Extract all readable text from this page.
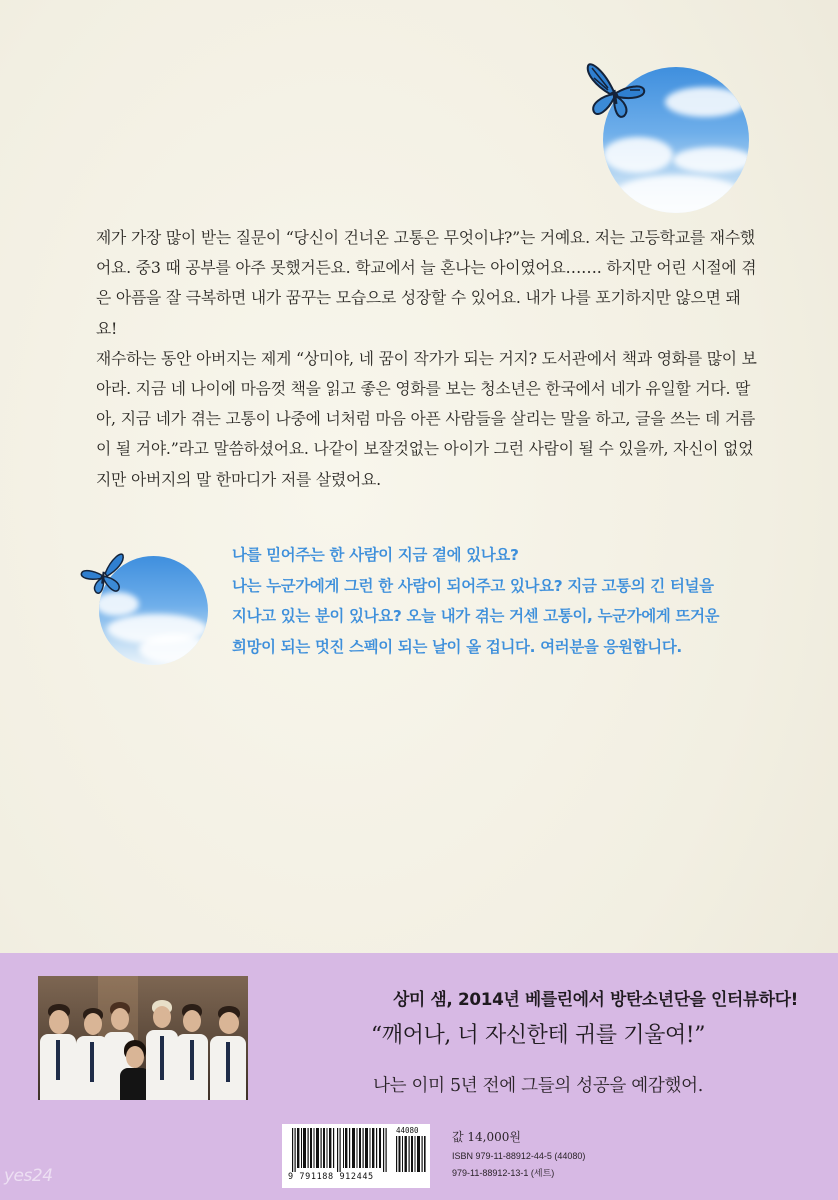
제가 가장 많이 받는 질문이 “당신이 건너온 고통은 무엇이냐?”는 거예요. 저는 고등학교를 재수했어요. 중3 때 공부를 아주 못했거든요. 학교에서 늘 혼나는 아이였어요……. 하지만 어린 시절에 겪은 아픔을 잘 극복하면 내가 꿈꾸는 모습으로 성장할 수 있어요. 내가 나를 포기하지만 않으면 돼요!

재수하는 동안 아버지는 제게 “상미야, 네 꿈이 작가가 되는 거지? 도서관에서 책과 영화를 많이 보아라. 지금 네 나이에 마음껏 책을 읽고 좋은 영화를 보는 청소년은 한국에서 네가 유일할 거다. 딸아, 지금 네가 겪는 고통이 나중에 너처럼 마음 아픈 사람들을 살리는 말을 하고, 글을 쓰는 데 거름이 될 거야.”라고 말씀하셨어요. 나같이 보잘것없는 아이가 그런 사람이 될 수 있을까, 자신이 없었지만 아버지의 말 한마디가 저를 살렸어요.

나를 믿어주는 한 사람이 지금 곁에 있나요?

나는 누군가에게 그런 한 사람이 되어주고 있나요? 지금 고통의 긴 터널을

지나고 있는 분이 있나요? 오늘 내가 겪는 거센 고통이, 누군가에게 뜨거운

희망이 되는 멋진 스펙이 되는 날이 올 겁니다. 여러분을 응원합니다.

상미 샘, 2014년 베를린에서 방탄소년단을 인터뷰하다!
“깨어나, 너 자신한테 귀를 기울여!”
나는 이미 5년 전에 그들의 성공을 예감했어.
44080
9 791188 912445
값 14,000원
ISBN 979-11-88912-44-5 (44080)
979-11-88912-13-1 (세트)
yes24
